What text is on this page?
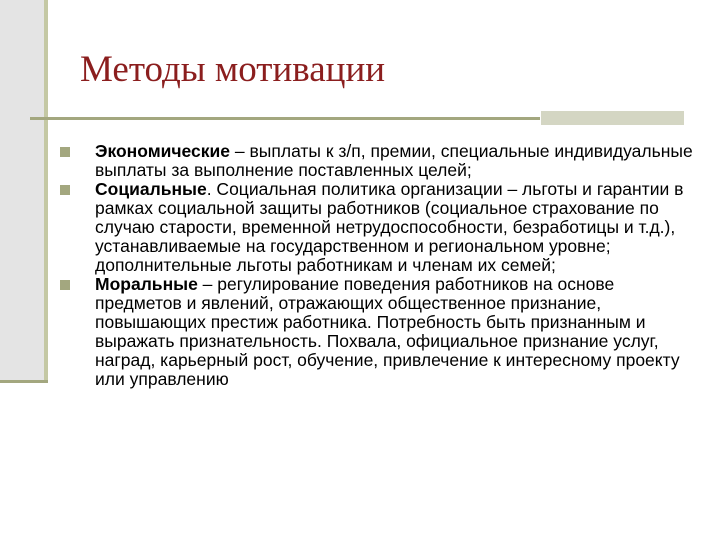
Методы мотивации
Экономические – выплаты к з/п, премии, специальные индивидуальные выплаты за выполнение поставленных целей;
Социальные. Социальная политика организации – льготы и гарантии в рамках социальной защиты работников (социальное страхование по случаю старости, временной нетрудоспособности, безработицы и т.д.), устанавливаемые на государственном и региональном уровне; дополнительные льготы работникам и членам их семей;
Моральные – регулирование поведения работников на основе предметов и явлений, отражающих общественное признание, повышающих престиж работника. Потребность быть признанным и выражать признательность. Похвала, официальное признание услуг, наград, карьерный рост, обучение, привлечение к интересному проекту или управлению
